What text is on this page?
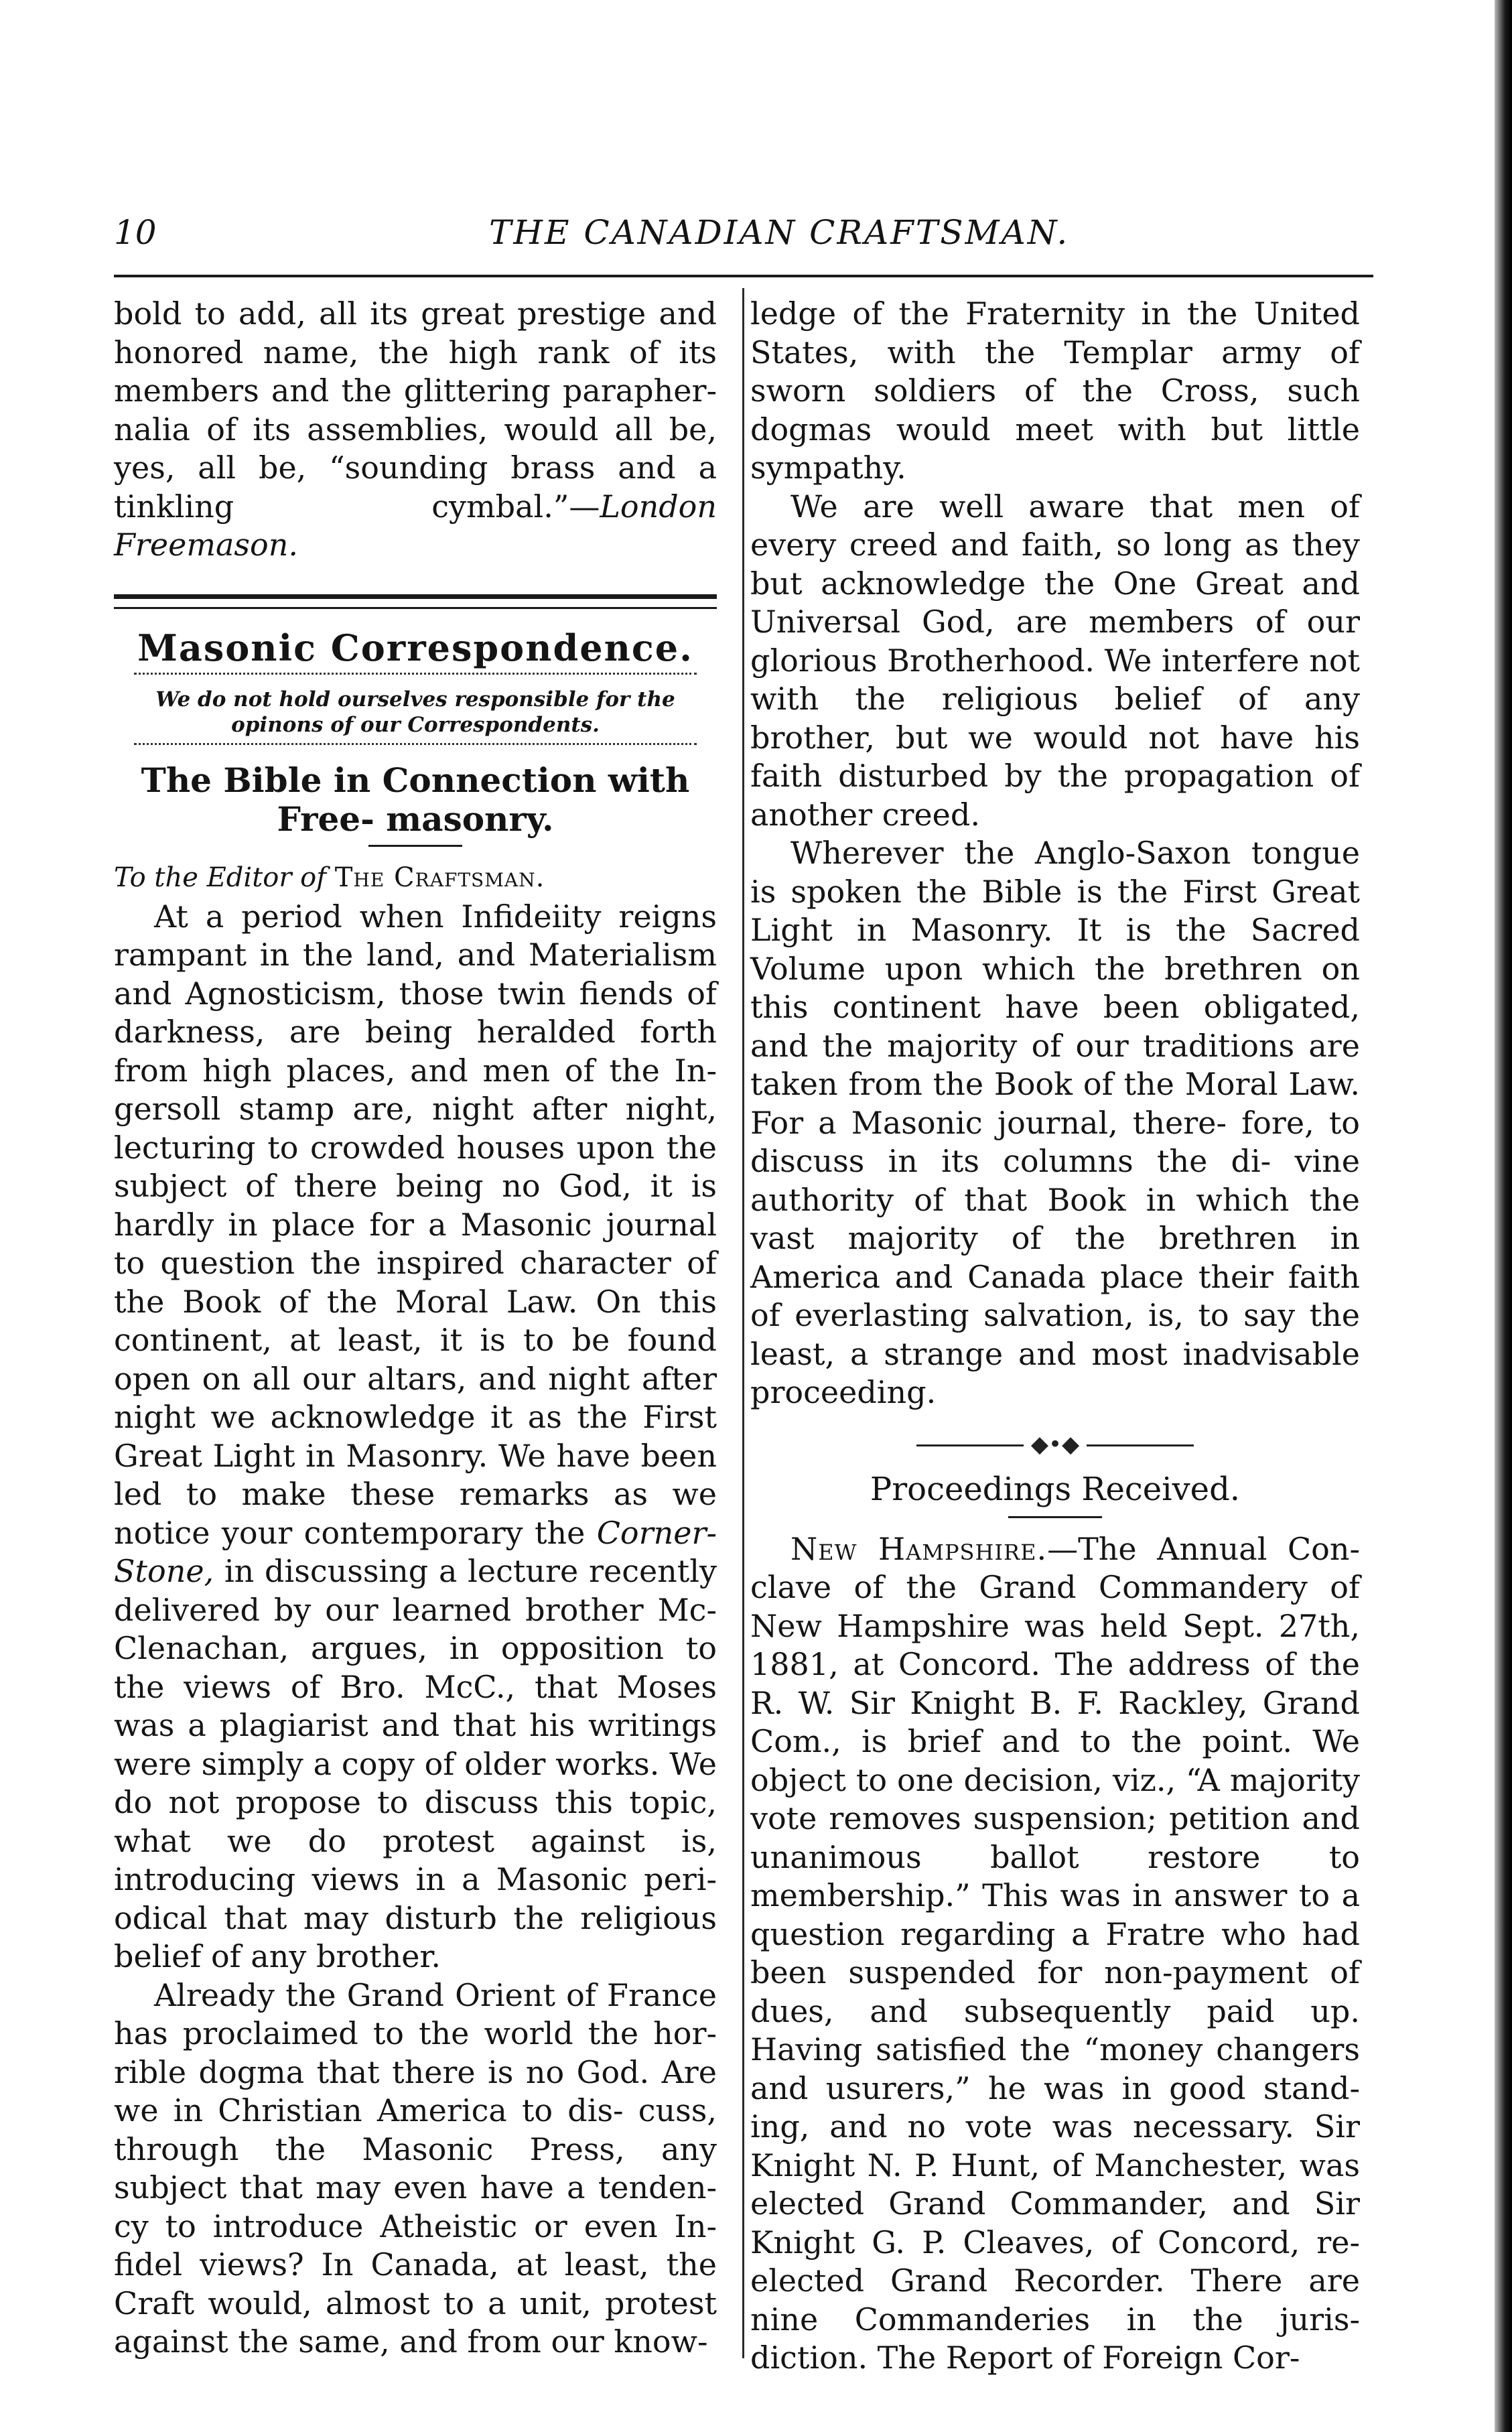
10	THE CANADIAN CRAFTSMAN.

bold to add, all its great prestige and honored name, the high rank of its members and the glittering parapher- nalia of its assemblies, would all be, yes, all be, “sounding brass and a tinkling cymbal.”—London Freemason.

Masonic Correspondence.
We do not hold ourselves responsible for the opinons of our Correspondents.
The Bible in Connection with Free- masonry.

To the Editor of The Craftsman.

At a period when Infideiity reigns rampant in the land, and Materialism and Agnosticism, those twin fiends of darkness, are being heralded forth from high places, and men of the In- gersoll stamp are, night after night, lecturing to crowded houses upon the subject of there being no God, it is hardly in place for a Masonic journal to question the inspired character of the Book of the Moral Law. On this continent, at least, it is to be found open on all our altars, and night after night we acknowledge it as the First Great Light in Masonry. We have been led to make these remarks as we notice your contemporary the Corner- Stone, in discussing a lecture recently delivered by our learned brother Mc- Clenachan, argues, in opposition to the views of Bro. McC., that Moses was a plagiarist and that his writings were simply a copy of older works. We do not propose to discuss this topic, what we do protest against is, introducing views in a Masonic peri- odical that may disturb the religious belief of any brother.

Already the Grand Orient of France has proclaimed to the world the hor- rible dogma that there is no God. Are we in Christian America to dis- cuss, through the Masonic Press, any subject that may even have a tenden- cy to introduce Atheistic or even In- fidel views? In Canada, at least, the Craft would, almost to a unit, protest against the same, and from our know-

ledge of the Fraternity in the United States, with the Templar army of sworn soldiers of the Cross, such dogmas would meet with but little sympathy.

We are well aware that men of every creed and faith, so long as they but acknowledge the One Great and Universal God, are members of our glorious Brotherhood. We interfere not with the religious belief of any brother, but we would not have his faith disturbed by the propagation of another creed.

Wherever the Anglo-Saxon tongue is spoken the Bible is the First Great Light in Masonry. It is the Sacred Volume upon which the brethren on this continent have been obligated, and the majority of our traditions are taken from the Book of the Moral Law. For a Masonic journal, there- fore, to discuss in its columns the di- vine authority of that Book in which the vast majority of the brethren in America and Canada place their faith of everlasting salvation, is, to say the least, a strange and most inadvisable proceeding.

◆•◆
Proceedings Received.

New Hampshire.—The Annual Con- clave of the Grand Commandery of New Hampshire was held Sept. 27th, 1881, at Concord. The address of the R. W. Sir Knight B. F. Rackley, Grand Com., is brief and to the point. We object to one decision, viz., “A majority vote removes suspension; petition and unanimous ballot restore to membership.” This was in answer to a question regarding a Fratre who had been suspended for non-payment of dues, and subsequently paid up. Having satisfied the “money changers and usurers,” he was in good stand- ing, and no vote was necessary. Sir Knight N. P. Hunt, of Manchester, was elected Grand Commander, and Sir Knight G. P. Cleaves, of Concord, re-elected Grand Recorder. There are nine Commanderies in the juris- diction. The Report of Foreign Cor-
